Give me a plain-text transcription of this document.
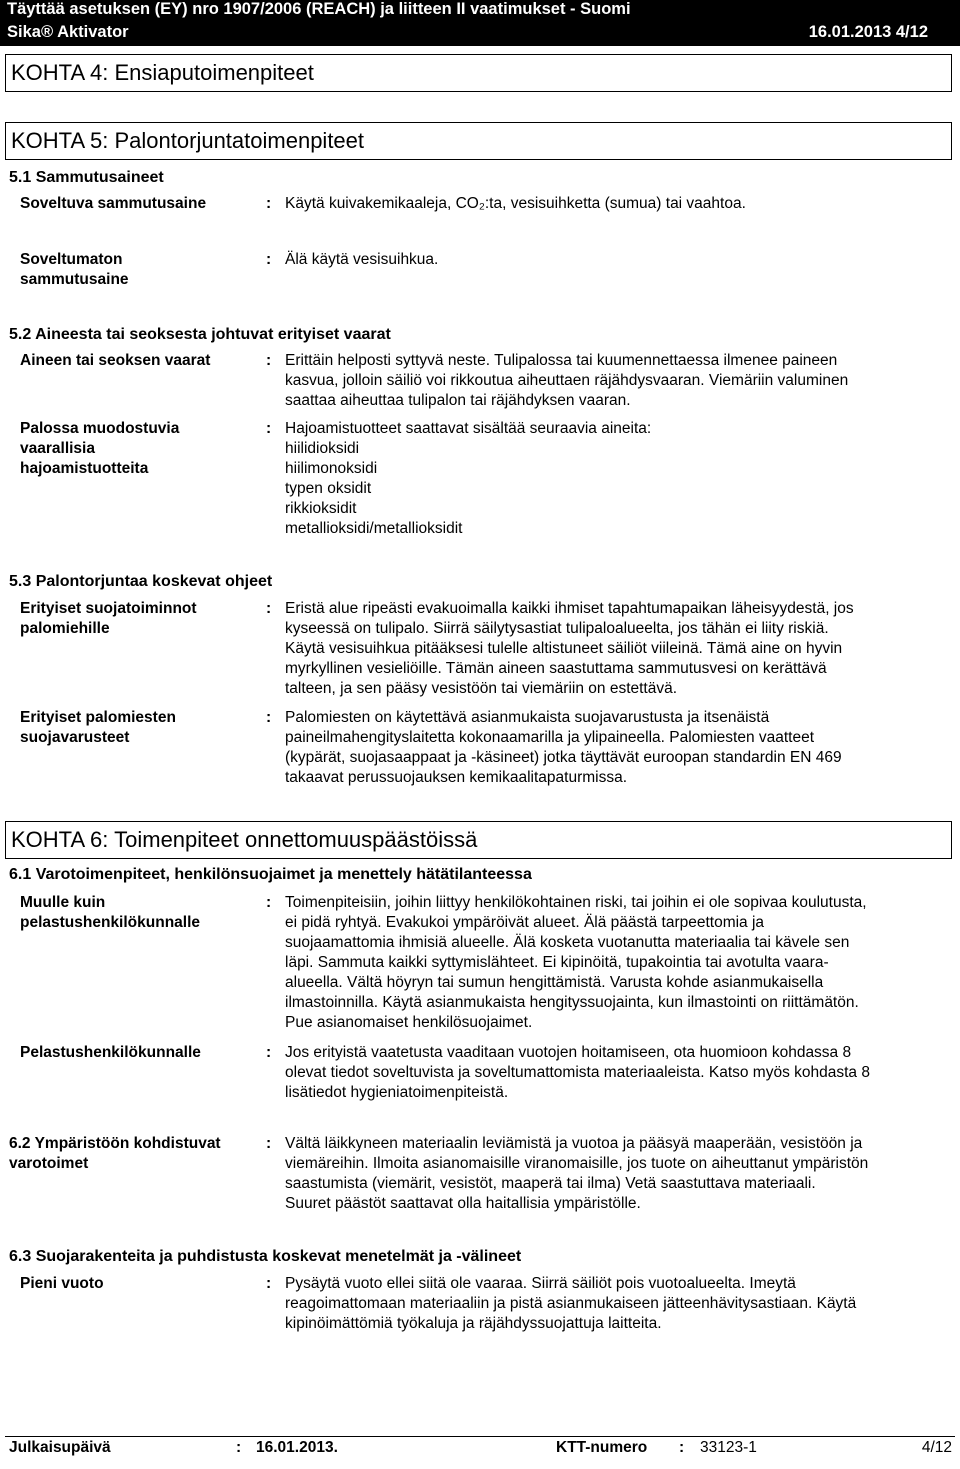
Täyttää asetuksen (EY) nro 1907/2006 (REACH) ja liitteen II vaatimukset - Suomi
Sika® Aktivator	16.01.2013 4/12
KOHTA 4: Ensiaputoimenpiteet
KOHTA 5: Palontorjuntatoimenpiteet
5.1 Sammutusaineet
Soveltuva sammutusaine	: Käytä kuivakemikaaleja, CO₂:ta, vesisuihketta (sumua) tai vaahtoa.
Soveltumaton
sammutusaine
: Älä käytä vesisuihkua.
5.2 Aineesta tai seoksesta johtuvat erityiset vaarat
Aineen tai seoksen vaarat	: Erittäin helposti syttyvä neste. Tulipalossa tai kuumennettaessa ilmenee paineen
kasvua, jolloin säiliö voi rikkoutua aiheuttaen räjähdysvaaran. Viemäriin valuminen
saattaa aiheuttaa tulipalon tai räjähdyksen vaaran.
Palossa muodostuvia
vaarallisia
hajoamistuotteita
: Hajoamistuotteet saattavat sisältää seuraavia aineita:
hiilidioksidi
hiilimonoksidi
typen oksidit
rikkioksidit
metallioksidi/metallioksidit
5.3 Palontorjuntaa koskevat ohjeet
Erityiset suojatoiminnot
palomiehille
: Eristä alue ripeästi evakuoimalla kaikki ihmiset tapahtumapaikan läheisyydestä, jos
kyseessä on tulipalo. Siirrä säilytysastiat tulipaloalueelta, jos tähän ei liity riskiä.
Käytä vesisuihkua pitääksesi tulelle altistuneet säiliöt viileinä. Tämä aine on hyvin
myrkyllinen vesieliöille. Tämän aineen saastuttama sammutusvesi on kerättävä
talteen, ja sen pääsy vesistöön tai viemäriin on estettävä.
Erityiset palomiesten
suojavarusteet
: Palomiesten on käytettävä asianmukaista suojavarustusta ja itsenäistä
paineilmahengityslaitetta kokonaamarilla ja ylipaineella. Palomiesten vaatteet
(kypärät, suojasaappaat ja -käsineet) jotka täyttävät euroopan standardin EN 469
takaavat perussuojauksen kemikaalitapaturmissa.
KOHTA 6: Toimenpiteet onnettomuuspäästöissä
6.1 Varotoimenpiteet, henkilönsuojaimet ja menettely hätätilanteessa
Muulle kuin
pelastushenkilökunnalle
: Toimenpiteisiin, joihin liittyy henkilökohtainen riski, tai joihin ei ole sopivaa koulutusta,
ei pidä ryhtyä. Evakukoi ympäröivät alueet. Älä päästä tarpeettomia ja
suojaamattomia ihmisiä alueelle. Älä kosketa vuotanutta materiaalia tai kävele sen
läpi. Sammuta kaikki syttymislähteet. Ei kipinöitä, tupakointia tai avotulta vaara-
alueella. Vältä höyryn tai sumun hengittämistä. Varusta kohde asianmukaisella
ilmastoinnilla. Käytä asianmukaista hengityssuojainta, kun ilmastointi on riittämätön.
Pue asianomaiset henkilösuojaimet.
Pelastushenkilökunnalle	: Jos erityistä vaatetusta vaaditaan vuotojen hoitamiseen, ota huomioon kohdassa 8
olevat tiedot soveltuvista ja soveltumattomista materiaaleista. Katso myös kohdasta 8
lisätiedot hygieniatoimenpiteistä.
6.2 Ympäristöön kohdistuvat
varotoimet
: Vältä läikkyneen materiaalin leviämistä ja vuotoa ja pääsyä maaperään, vesistöön ja
viemäreihin. Ilmoita asianomaisille viranomaisille, jos tuote on aiheuttanut ympäristön
saastumista (viemärit, vesistöt, maaperä tai ilma) Vetä saastuttava materiaali.
Suuret päästöt saattavat olla haitallisia ympäristölle.
6.3 Suojarakenteita ja puhdistusta koskevat menetelmät ja -välineet
Pieni vuoto	: Pysäytä vuoto ellei siitä ole vaaraa. Siirrä säiliöt pois vuotoalueelta. Imeytä
reagoimattomaan materiaaliin ja pistä asianmukaiseen jätteenhävitysastiaan. Käytä
kipinöimättömiä työkaluja ja räjähdyssuojattuja laitteita.
Julkaisupäivä	: 16.01.2013.	KTT-numero : 33123-1	4/12
